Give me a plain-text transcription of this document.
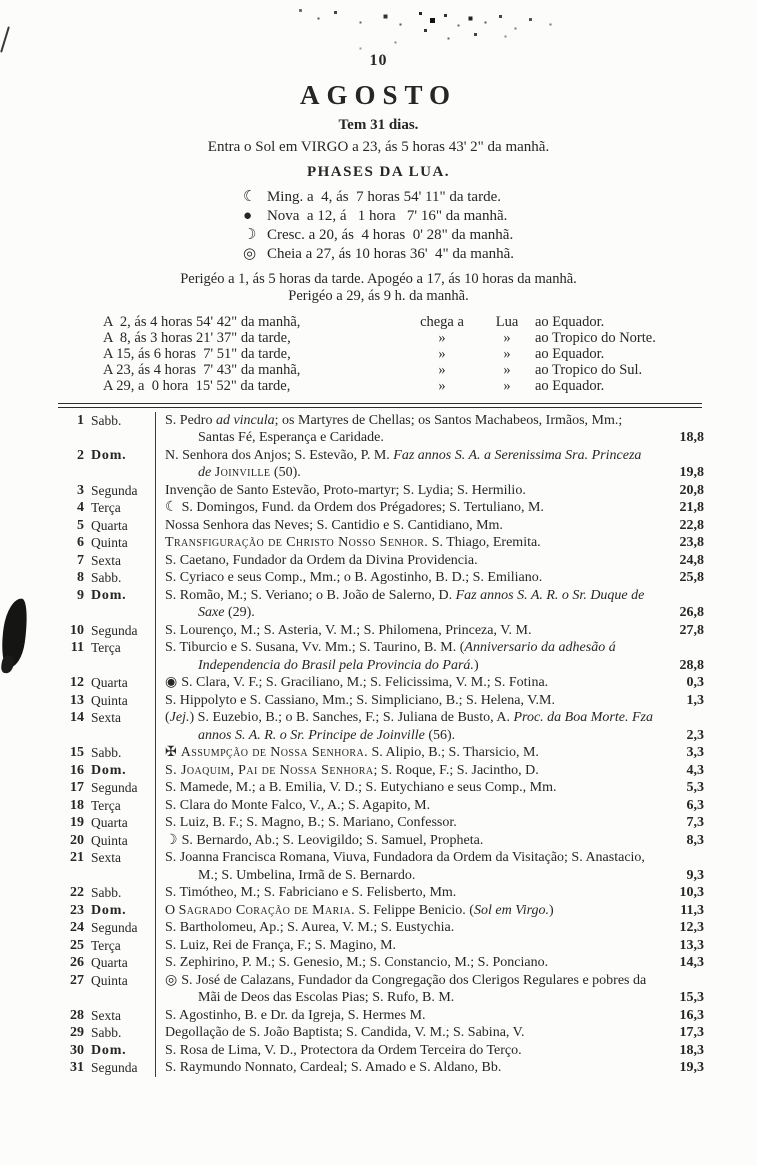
10
AGOSTO
Tem 31 dias.
Entra o Sol em VIRGO a 23, ás 5 horas 43' 2" da manhã.
PHASES DA LUA.
☾ Ming. a  4, ás  7 horas 54' 11" da tarde.
● Nova  a 12, á   1 hora   7' 16" da manhã.
☽ Cresc. a 20, ás  4 horas  0' 28" da manhã.
◎ Cheia a 27, ás 10 horas 36'  4" da manhã.
Perigéo a 1, ás 5 horas da tarde. Apogéo a 17, ás 10 horas da manhã.
Perigéo a 29, ás 9 h. da manhã.
A  2, ás 4 horas 54' 42" da manhã,	chega a	Lua	ao Equador.
A  8, ás 3 horas 21' 37" da tarde,	»	»	ao Tropico do Norte.
A 15, ás 6 horas  7' 51" da tarde,	»	»	ao Equador.
A 23, ás 4 horas  7' 43" da manhã,	»	»	ao Tropico do Sul.
A 29, a  0 hora  15' 52" da tarde,	»	»	ao Equador.
1 Sabb.	S. Pedro ad vincula; os Martyres de Chellas; os Santos Machabeos, Irmãos, Mm.; Santas Fé, Esperança e Caridade.	18,8
2 Dom.	N. Senhora dos Anjos; S. Estevão, P. M. Faz annos S. A. a Serenissima Sra. Princeza de Joinville (50).	19,8
3 Segunda	Invenção de Santo Estevão, Proto-martyr; S. Lydia; S. Hermilio.	20,8
4 Terça	☾ S. Domingos, Fund. da Ordem dos Prégadores; S. Tertuliano, M.	21,8
5 Quarta	Nossa Senhora das Neves; S. Cantidio e S. Cantidiano, Mm.	22,8
6 Quinta	Transfiguração de Christo Nosso Senhor. S. Thiago, Eremita.	23,8
7 Sexta	S. Caetano, Fundador da Ordem da Divina Providencia.	24,8
8 Sabb.	S. Cyriaco e seus Comp., Mm.; o B. Agostinho, B. D.; S. Emiliano.	25,8
9 Dom.	S. Romão, M.; S. Veriano; o B. João de Salerno, D. Faz annos S. A. R. o Sr. Duque de Saxe (29).	26,8
10 Segunda	S. Lourenço, M.; S. Asteria, V. M.; S. Philomena, Princeza, V. M.	27,8
11 Terça	S. Tiburcio e S. Susana, Vv. Mm.; S. Taurino, B. M. (Anniversario da adhesão á Independencia do Brasil pela Provincia do Pará.)	28,8
12 Quarta	◉ S. Clara, V. F.; S. Graciliano, M.; S. Felicissima, V. M.; S. Fotina.	0,3
13 Quinta	S. Hippolyto e S. Cassiano, Mm.; S. Simpliciano, B.; S. Helena, V.M.	1,3
14 Sexta	(Jej.) S. Euzebio, B.; o B. Sanches, F.; S. Juliana de Busto, A. Proc. da Boa Morte. Fza annos S. A. R. o Sr. Principe de Joinville (56).	2,3
15 Sabb.	✠ Assumpção de Nossa Senhora. S. Alipio, B.; S. Tharsicio, M.	3,3
16 Dom.	S. Joaquim, Pai de Nossa Senhora; S. Roque, F.; S. Jacintho, D.	4,3
17 Segunda	S. Mamede, M.; a B. Emilia, V. D.; S. Eutychiano e seus Comp., Mm.	5,3
18 Terça	S. Clara do Monte Falco, V., A.; S. Agapito, M.	6,3
19 Quarta	S. Luiz, B. F.; S. Magno, B.; S. Mariano, Confessor.	7,3
20 Quinta	☽ S. Bernardo, Ab.; S. Leovigildo; S. Samuel, Propheta.	8,3
21 Sexta	S. Joanna Francisca Romana, Viuva, Fundadora da Ordem da Visitação; S. Anastacio, M.; S. Umbelina, Irmã de S. Bernardo.	9,3
22 Sabb.	S. Timótheo, M.; S. Fabriciano e S. Felisberto, Mm.	10,3
23 Dom.	O Sagrado Coração de Maria. S. Felippe Benicio. (Sol em Virgo.)	11,3
24 Segunda	S. Bartholomeu, Ap.; S. Aurea, V. M.; S. Eustychia.	12,3
25 Terça	S. Luiz, Rei de França, F.; S. Magino, M.	13,3
26 Quarta	S. Zephirino, P. M.; S. Genesio, M.; S. Constancio, M.; S. Ponciano.	14,3
27 Quinta	◎ S. José de Calazans, Fundador da Congregação dos Clerigos Regulares e pobres da Mãi de Deos das Escolas Pias; S. Rufo, B. M.	15,3
28 Sexta	S. Agostinho, B. e Dr. da Igreja, S. Hermes M.	16,3
29 Sabb.	Degollação de S. João Baptista; S. Candida, V. M.; S. Sabina, V.	17,3
30 Dom.	S. Rosa de Lima, V. D., Protectora da Ordem Terceira do Terço.	18,3
31 Segunda	S. Raymundo Nonnato, Cardeal; S. Amado e S. Aldano, Bb.	19,3
